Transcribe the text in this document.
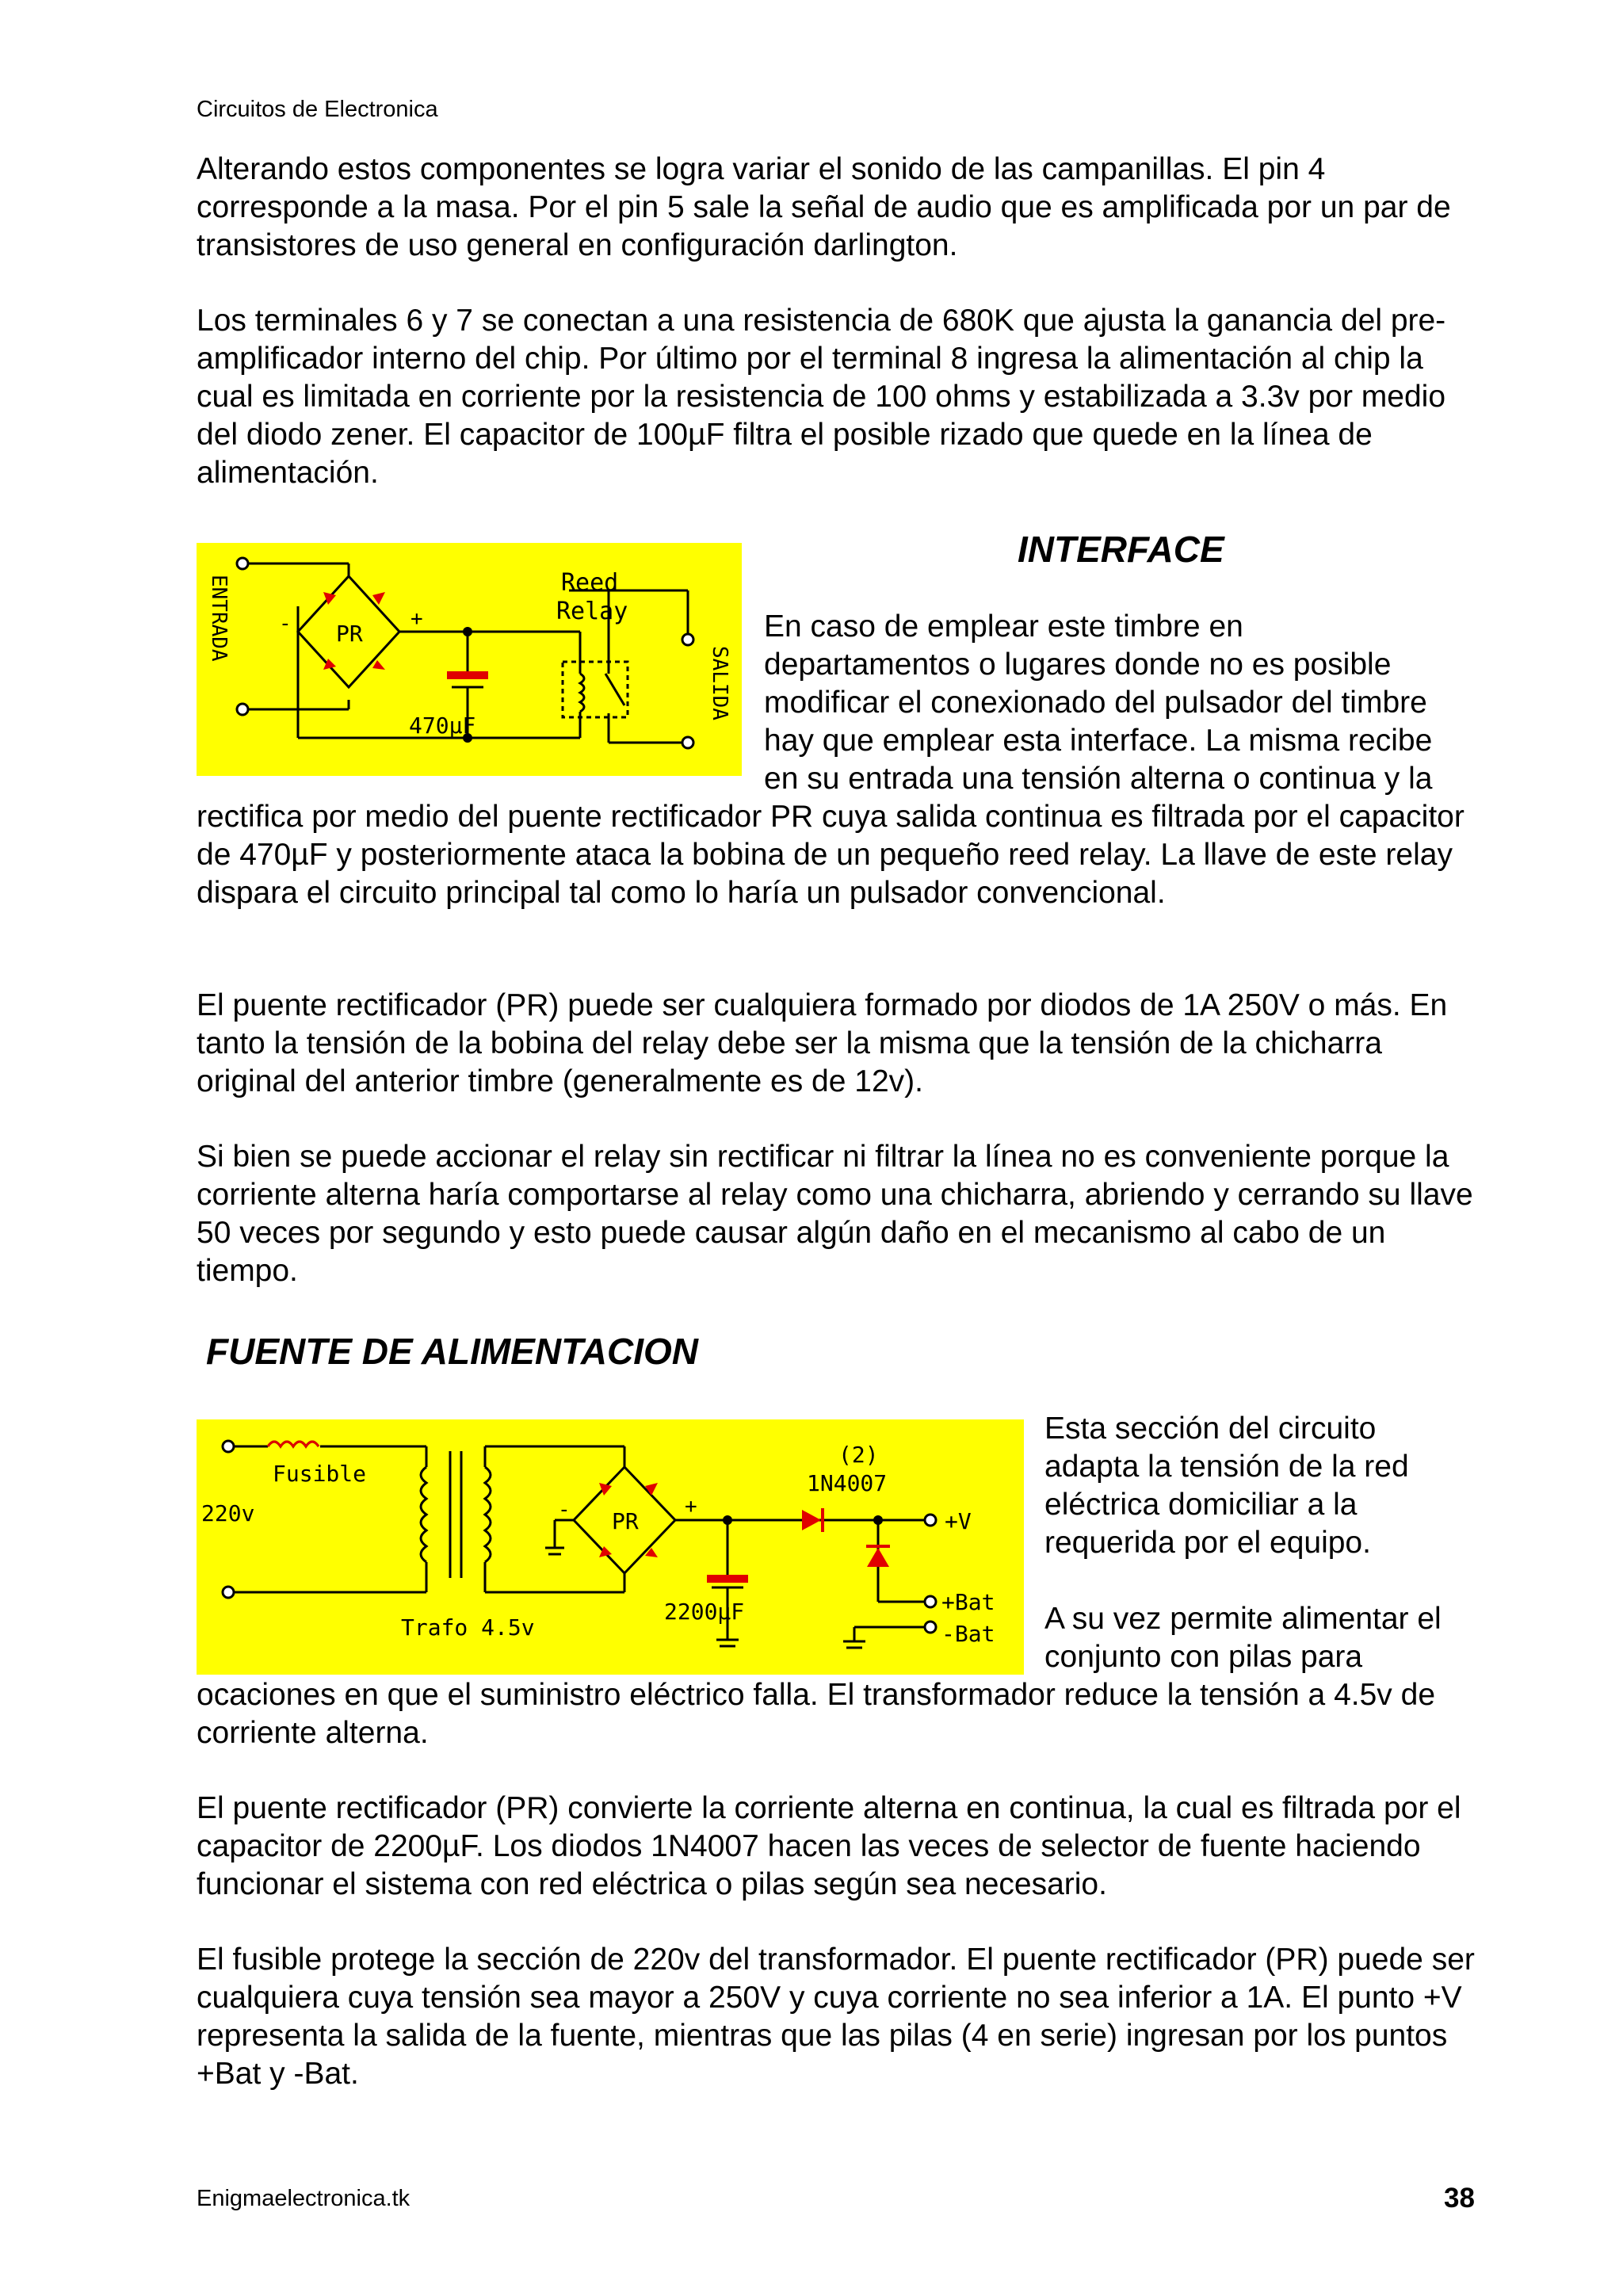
Circuitos de Electronica

Alterando estos componentes se logra variar el sonido de las campanillas. El pin 4 corresponde a la masa. Por el pin 5 sale la señal de audio que es amplificada por un par de transistores de uso general en configuración darlington.

Los terminales 6 y 7 se conectan a una resistencia de 680K que ajusta la ganancia del pre-amplificador interno del chip. Por último por el terminal 8 ingresa la alimentación al chip la cual es limitada en corriente por la resistencia de 100 ohms y estabilizada a 3.3v por medio del diodo zener. El capacitor de 100µF filtra el posible rizado que quede en la línea de alimentación.

INTERFACE
ENTRADA
SALIDA
PR
-	+
Reed
Relay
470µF
En caso de emplear este timbre en
departamentos o lugares donde no es posible
modificar el conexionado del pulsador del timbre
hay que emplear esta interface. La misma recibe
en su entrada una tensión alterna o continua y la

rectifica por medio del puente rectificador PR cuya salida continua es filtrada por el capacitor de 470µF y posteriormente ataca la bobina de un pequeño reed relay. La llave de este relay dispara el circuito principal tal como lo haría un pulsador convencional.

El puente rectificador (PR) puede ser cualquiera formado por diodos de 1A 250V o más. En tanto la tensión de la bobina del relay debe ser la misma que la tensión de la chicharra original del anterior timbre (generalmente es de 12v).

Si bien se puede accionar el relay sin rectificar ni filtrar la línea no es conveniente porque la corriente alterna haría comportarse al relay como una chicharra, abriendo y cerrando su llave 50 veces por segundo y esto puede causar algún daño en el mecanismo al cabo de un tiempo.

FUENTE DE ALIMENTACION
Fusible
220v
Trafo 4.5v
PR
-	+
(2)
1N4007
+V
+Bat
-Bat
2200µF
Esta sección del circuito
adapta la tensión de la red
eléctrica domiciliar a la
requerida por el equipo.
A su vez permite alimentar el
conjunto con pilas para

ocaciones en que el suministro eléctrico falla. El transformador reduce la tensión a 4.5v de corriente alterna.

El puente rectificador (PR) convierte la corriente alterna en continua, la cual es filtrada por el capacitor de 2200µF. Los diodos 1N4007 hacen las veces de selector de fuente haciendo funcionar el sistema con red eléctrica o pilas según sea necesario.

El fusible protege la sección de 220v del transformador. El puente rectificador (PR) puede ser cualquiera cuya tensión sea mayor a 250V y cuya corriente no sea inferior a 1A. El punto +V representa la salida de la fuente, mientras que las pilas (4 en serie) ingresan por los puntos +Bat y -Bat.

Enigmaelectronica.tk	38
